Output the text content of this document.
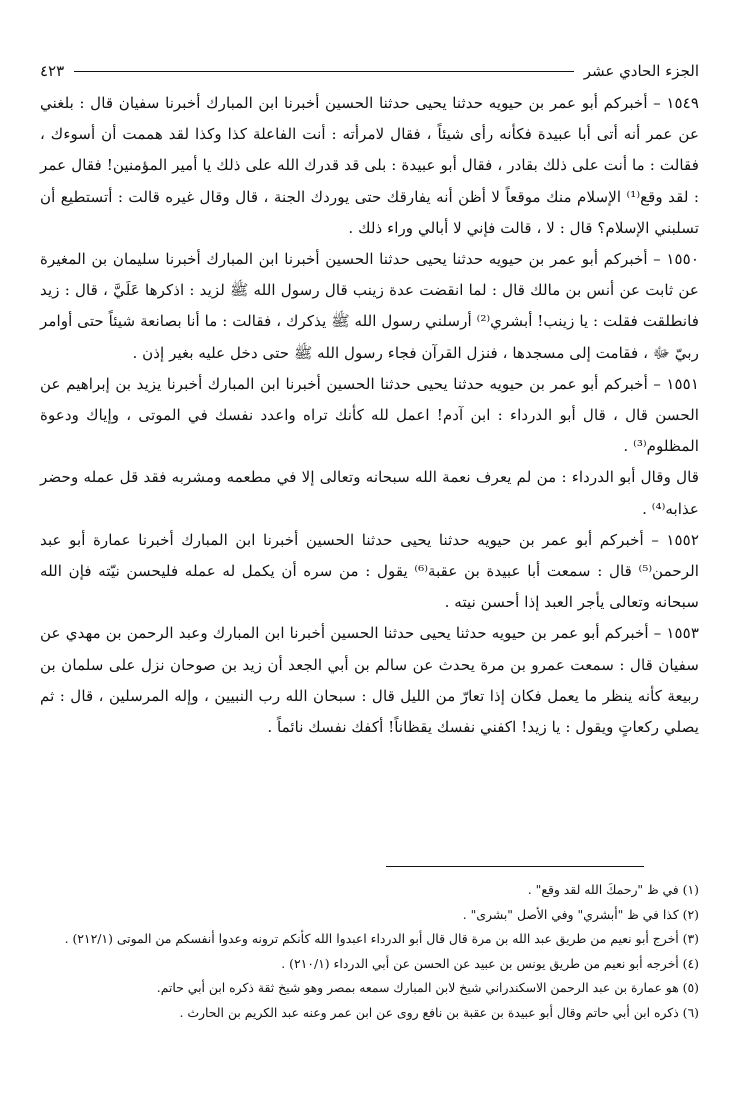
الجزء الحادي عشر
٤٢٣

١٥٤٩ – أخبركم أبو عمر بن حيويه حدثنا يحيى حدثنا الحسين أخبرنا ابن المبارك أخبرنا سفيان قال : بلغني عن عمر أنه أتى أبا عبيدة فكأنه رأى شيئاً ، فقال لامرأته : أنت الفاعلة كذا وكذا لقد هممت أن أسوءك ، فقالت : ما أنت على ذلك بقادر ، فقال أبو عبيدة : بلى قد قدرك الله على ذلك يا أمير المؤمنين! فقال عمر : لقد وقع⁽¹⁾ الإسلام منك موقعاً لا أظن أنه يفارقك حتى يوردك الجنة ، قال وقال غيره قالت : أتستطيع أن تسلبني الإسلام؟ قال : لا ، قالت فإني لا أبالي وراء ذلك .

١٥٥٠ – أخبركم أبو عمر بن حيويه حدثنا يحيى حدثنا الحسين أخبرنا ابن المبارك أخبرنا سليمان بن المغيرة عن ثابت عن أنس بن مالك قال : لما انقضت عدة زينب قال رسول الله ﷺ لزيد : اذكرها عَلَيَّ ، قال : زيد فانطلقت فقلت : يا زينب! أبشري⁽²⁾ أرسلني رسول الله ﷺ يذكرك ، فقالت : ما أنا بصانعة شيئاً حتى أوامر ربيّ ﷻ ، فقامت إلى مسجدها ، فنزل القرآن فجاء رسول الله ﷺ حتى دخل عليه بغير إذن .

١٥٥١ – أخبركم أبو عمر بن حيويه حدثنا يحيى حدثنا الحسين أخبرنا ابن المبارك أخبرنا يزيد بن إبراهيم عن الحسن قال ، قال أبو الدرداء : ابن آدم! اعمل لله كأنك تراه واعدد نفسك في الموتى ، وإياك ودعوة المظلوم⁽³⁾ .

قال وقال أبو الدرداء : من لم يعرف نعمة الله سبحانه وتعالى إلا في مطعمه ومشربه فقد قل عمله وحضر عذابه⁽⁴⁾ .

١٥٥٢ – أخبركم أبو عمر بن حيويه حدثنا يحيى حدثنا الحسين أخبرنا ابن المبارك أخبرنا عمارة أبو عبد الرحمن⁽⁵⁾ قال : سمعت أبا عبيدة بن عقبة⁽⁶⁾ يقول : من سره أن يكمل له عمله فليحسن نيّته فإن الله سبحانه وتعالى يأجر العبد إذا أحسن نيته .

١٥٥٣ – أخبركم أبو عمر بن حيويه حدثنا يحيى حدثنا الحسين أخبرنا ابن المبارك وعبد الرحمن بن مهدي عن سفيان قال : سمعت عمرو بن مرة يحدث عن سالم بن أبي الجعد أن زيد بن صوحان نزل على سلمان بن ربيعة كأنه ينظر ما يعمل فكان إذا تعارّ من الليل قال : سبحان الله رب النبيين ، وإله المرسلين ، قال : ثم يصلي ركعاتٍ ويقول : يا زيد! اكفني نفسك يقظاناً! أكفك نفسك نائماً .

(١) في ظ "رحمكَ الله لقد وقع" .

(٢) كذا في ظ "أبشري" وفي الأصل "بشرى" .

(٣) أخرج أبو نعيم من طريق عبد الله بن مرة قال قال أبو الدرداء اعبدوا الله كأنكم ترونه وعدوا أنفسكم من الموتى (٢١٢/١) .

(٤) أخرجه أبو نعيم من طريق يونس بن عبيد عن الحسن عن أبي الدرداء (٢١٠/١) .

(٥) هو عمارة بن عبد الرحمن الاسكندراني شيخ لابن المبارك سمعه بمصر وهو شيخ ثقة ذكره ابن أبي حاتم.

(٦) ذكره ابن أبي حاتم وقال أبو عبيدة بن عقبة بن نافع روى عن ابن عمر وعنه عبد الكريم بن الحارث .
